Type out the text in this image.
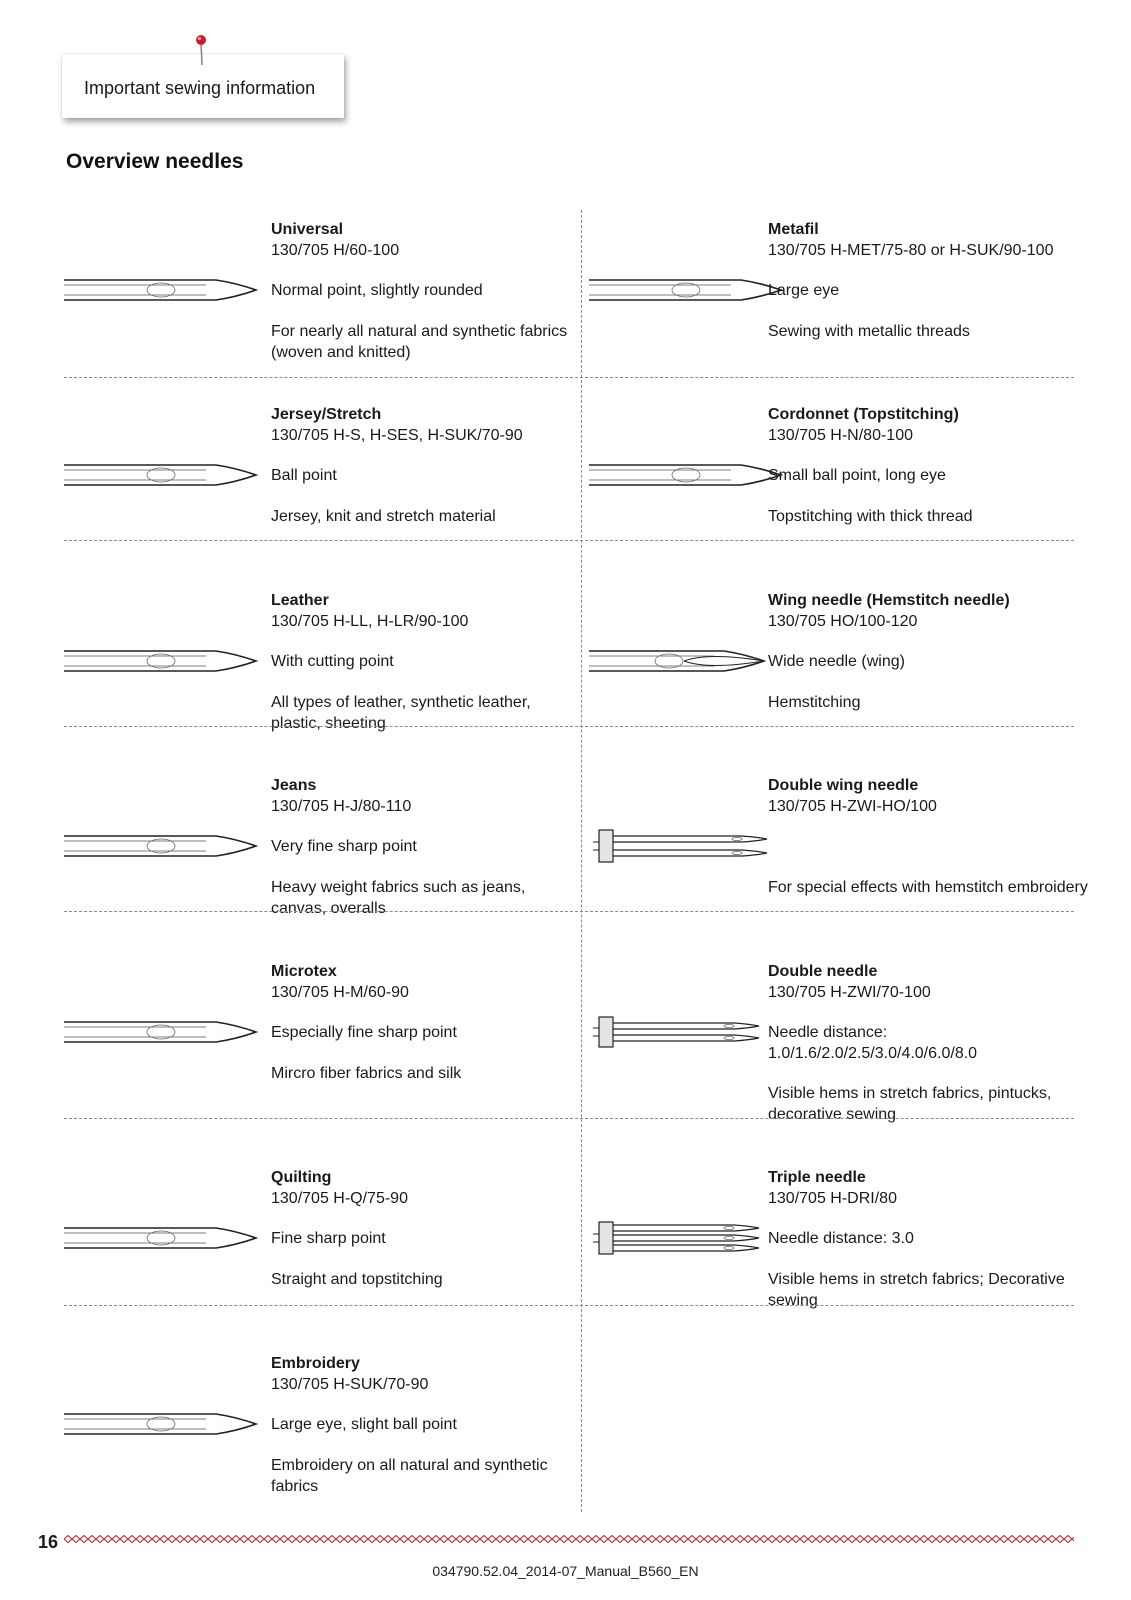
Important sewing information
Overview needles
Universal
130/705 H/60-100
Normal point, slightly rounded
For nearly all natural and synthetic fabrics (woven and knitted)
Jersey/Stretch
130/705 H-S, H-SES, H-SUK/70-90
Ball point
Jersey, knit and stretch material
Leather
130/705 H-LL, H-LR/90-100
With cutting point
All types of leather, synthetic leather, plastic, sheeting
Jeans
130/705 H-J/80-110
Very fine sharp point
Heavy weight fabrics such as jeans, canvas, overalls
Microtex
130/705 H-M/60-90
Especially fine sharp point
Mircro fiber fabrics and silk
Quilting
130/705 H-Q/75-90
Fine sharp point
Straight and topstitching
Embroidery
130/705 H-SUK/70-90
Large eye, slight ball point
Embroidery on all natural and synthetic fabrics
Metafil
130/705 H-MET/75-80 or H-SUK/90-100
Large eye
Sewing with metallic threads
Cordonnet (Topstitching)
130/705 H-N/80-100
Small ball point, long eye
Topstitching with thick thread
Wing needle (Hemstitch needle)
130/705 HO/100-120
Wide needle (wing)
Hemstitching
Double wing needle
130/705 H-ZWI-HO/100
For special effects with hemstitch embroidery
Double needle
130/705 H-ZWI/70-100
Needle distance: 1.0/1.6/2.0/2.5/3.0/4.0/6.0/8.0
Visible hems in stretch fabrics, pintucks, decorative sewing
Triple needle
130/705 H-DRI/80
Needle distance: 3.0
Visible hems in stretch fabrics; Decorative sewing
16
034790.52.04_2014-07_Manual_B560_EN
